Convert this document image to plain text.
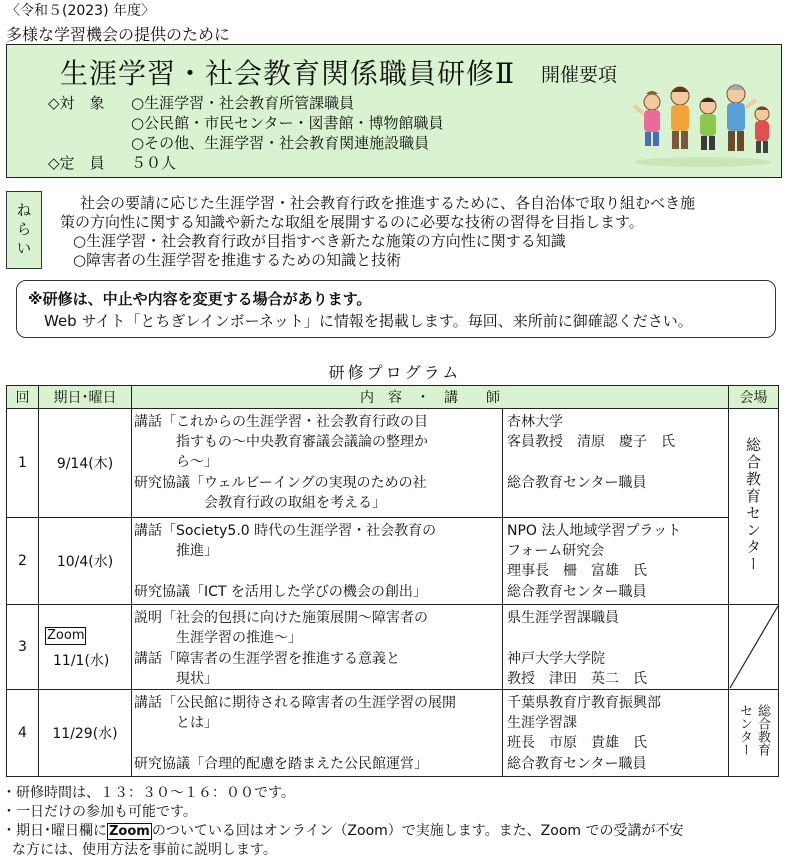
〈令和５(2023) 年度〉
多様な学習機会の提供のために
生涯学習・社会教育関係職員研修Ⅱ 開催要項
◇対　象 ○生涯学習・社会教育所管課職員
○公民館・市民センター・図書館・博物館職員
○その他、生涯学習・社会教育関連施設職員
◇定　員 ５０人
ねらい	社会の要請に応じた生涯学習・社会教育行政を推進するために、各自治体で取り組むべき施
策の方向性に関する知識や新たな取組を展開するのに必要な技術の習得を目指します。
○生涯学習・社会教育行政が目指すべき新たな施策の方向性に関する知識
○障害者の生涯学習を推進するための知識と技術
※研修は、中止や内容を変更する場合があります。
Web サイト「とちぎレインボーネット」に情報を掲載します。毎回、来所前に御確認ください。
研修プログラム
回	期日･曜日	内　容　・　講　　師		会場
1	9/14(木)	講話「これからの生涯学習・社会教育行政の目
指すもの～中央教育審議会議論の整理か
ら～」
研究協議「ウェルビーイングの実現のための社
会教育行政の取組を考える」	杏林大学
客員教授　清原　慶子　氏
総合教育センター職員	総合教育センター
2	10/4(水)	講話「Society5.0 時代の生涯学習・社会教育の
推進」
研究協議「ICT を活用した学びの機会の創出」	NPO 法人地域学習プラット
フォーム研究会
理事長　柵　富雄　氏
総合教育センター職員	

3	Zoom
11/1(水)	説明「社会的包摂に向けた施策展開～障害者の
生涯学習の推進～」
講話「障害者の生涯学習を推進する意義と
現状」	県生涯学習課職員
神戸大学大学院
教授　津田　英二　氏

4	11/29(水)	講話「公民館に期待される障害者の生涯学習の展開
とは」
研究協議「合理的配慮を踏まえた公民館運営」	千葉県教育庁教育振興部
生涯学習課
班長　市原　貴雄　氏
総合教育センター職員	総合教育
センター
・研修時間は、１３：３０～１６：００です。
・一日だけの参加も可能です。
・期日･曜日欄に Zoom のついている回はオンライン（Zoom）で実施します。また、Zoom での受講が不安
な方には、使用方法を事前に説明します。
